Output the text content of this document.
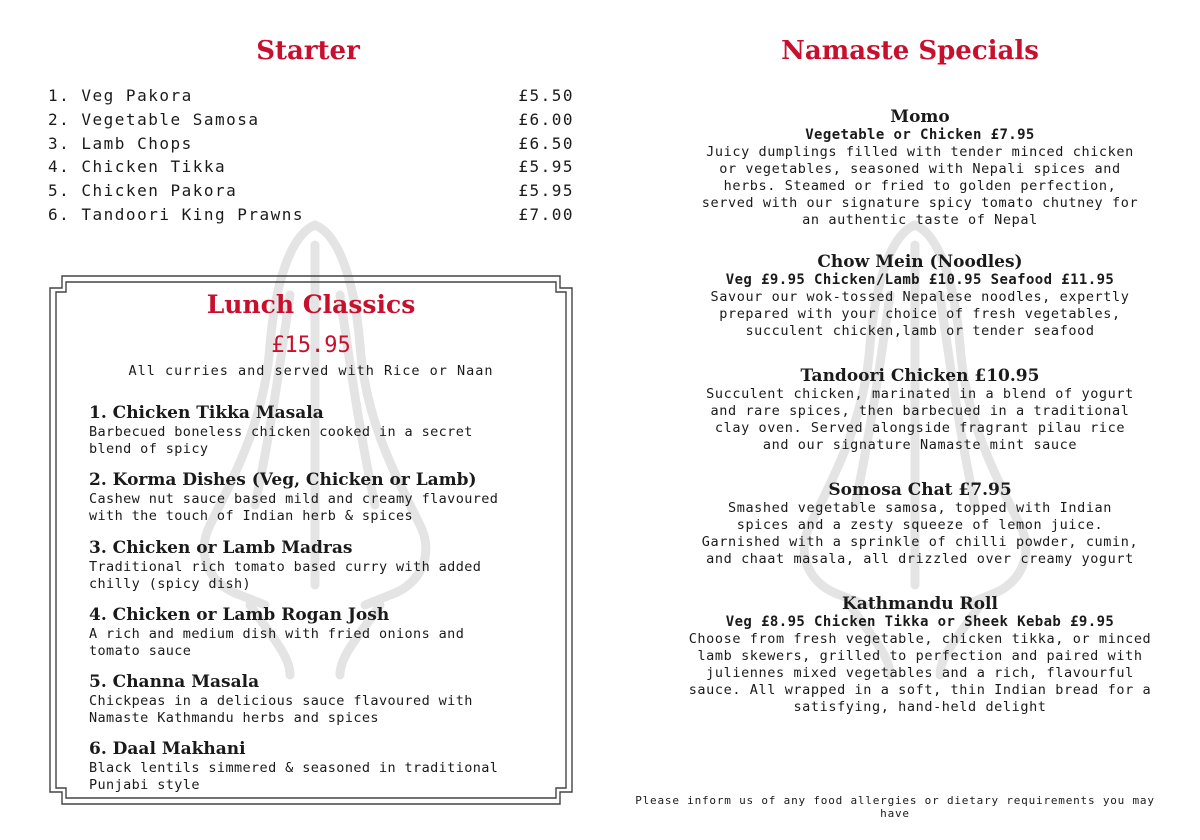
Starter
1. Veg Pakora	£5.50
2. Vegetable Samosa	£6.00
3. Lamb Chops	£6.50
4. Chicken Tikka	£5.95
5. Chicken Pakora	£5.95
6. Tandoori King Prawns	£7.00
Lunch Classics
£15.95
All curries and served with Rice or Naan
1. Chicken Tikka Masala
Barbecued boneless chicken cooked in a secret
blend of spicy
2. Korma Dishes (Veg, Chicken or Lamb)
Cashew nut sauce based mild and creamy flavoured
with the touch of Indian herb & spices
3. Chicken or Lamb Madras
Traditional rich tomato based curry with added
chilly (spicy dish)
4. Chicken or Lamb Rogan Josh
A rich and medium dish with fried onions and
tomato sauce
5. Channa Masala
Chickpeas in a delicious sauce flavoured with
Namaste Kathmandu herbs and spices
6. Daal Makhani
Black lentils simmered & seasoned in traditional
Punjabi style
Namaste Specials
Momo
Vegetable or Chicken £7.95
Juicy dumplings filled with tender minced chicken
or vegetables, seasoned with Nepali spices and
herbs. Steamed or fried to golden perfection,
served with our signature spicy tomato chutney for
an authentic taste of Nepal
Chow Mein (Noodles)
Veg £9.95 Chicken/Lamb £10.95 Seafood £11.95
Savour our wok-tossed Nepalese noodles, expertly
prepared with your choice of fresh vegetables,
succulent chicken,lamb or tender seafood
Tandoori Chicken £10.95
Succulent chicken, marinated in a blend of yogurt
and rare spices, then barbecued in a traditional
clay oven. Served alongside fragrant pilau rice
and our signature Namaste mint sauce
Somosa Chat £7.95
Smashed vegetable samosa, topped with Indian
spices and a zesty squeeze of lemon juice.
Garnished with a sprinkle of chilli powder, cumin,
and chaat masala, all drizzled over creamy yogurt
Kathmandu Roll
Veg £8.95 Chicken Tikka or Sheek Kebab £9.95
Choose from fresh vegetable, chicken tikka, or minced
lamb skewers, grilled to perfection and paired with
juliennes mixed vegetables and a rich, flavourful
sauce. All wrapped in a soft, thin Indian bread for a
satisfying, hand-held delight
Please inform us of any food allergies or dietary requirements you may have
